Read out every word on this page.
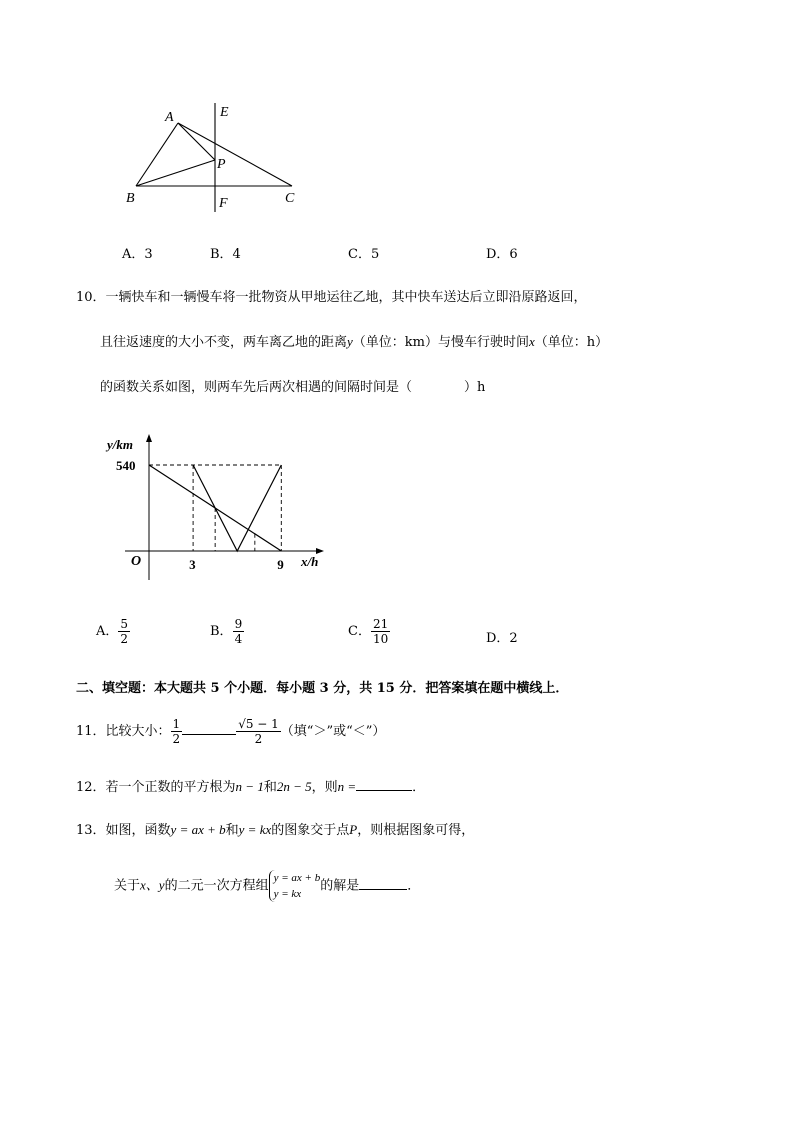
A	E
P
B	F	C
A．3	B．4	C．5	D．6
10．一辆快车和一辆慢车将一批物资从甲地运往乙地，其中快车送达后立即沿原路返回，
且往返速度的大小不变，两车离乙地的距离y（单位：km）与慢车行驶时间x（单位：h）
的函数关系如图，则两车先后两次相遇的间隔时间是（　　　　）h
y/km
x/h
O
540
3	9
A． $\frac{5}{2}$	B． $\frac{9}{4}$	C． $\frac{21}{10}$	D．2
二、填空题：本大题共 5 个小题．每小题 3 分，共 15 分．把答案填在题中横线上．
11．比较大小： $\frac{1}{2}$	$\frac{√5 - 1}{2}$ （填“＞”或“＜”）
12．若一个正数的平方根为n − 1和2n − 5，则n =	．
13．如图，函数y = ax + b和y = kx的图象交于点P，则根据图象可得，
关于x、y的二元一次方程组
y = ax + b
y = kx
的解是	．
